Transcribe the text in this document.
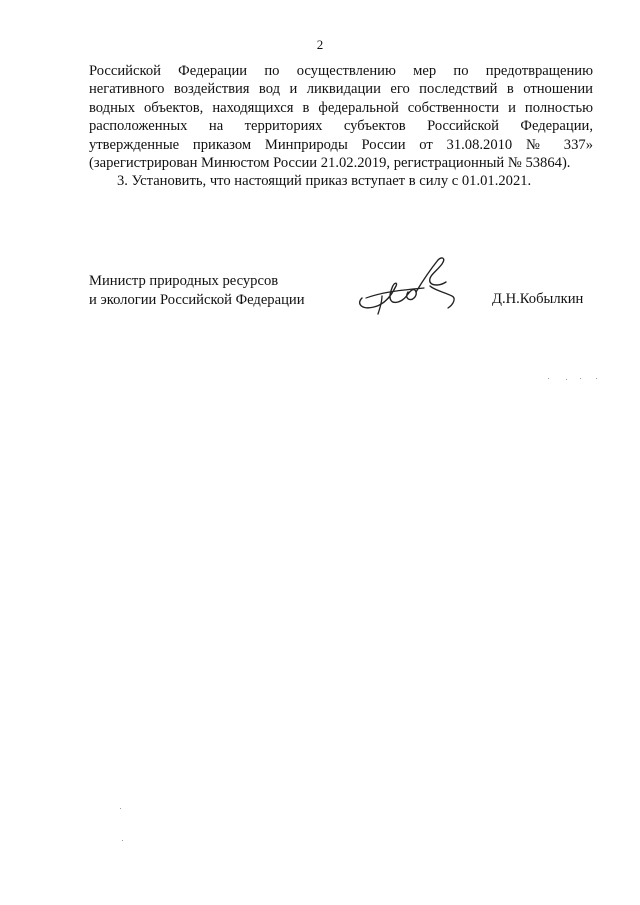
2
Российской Федерации по осуществлению мер по предотвращению
негативного воздействия вод и ликвидации его последствий в отношении
водных объектов, находящихся в федеральной собственности и полностью
расположенных на территориях субъектов Российской Федерации,
утвержденные приказом Минприроды России от 31.08.2010 № 337»
(зарегистрирован Минюстом России 21.02.2019, регистрационный № 53864).
3. Установить, что настоящий приказ вступает в силу с 01.01.2021.
Министр природных ресурсов
и экологии Российской Федерации	Д.Н.Кобылкин
